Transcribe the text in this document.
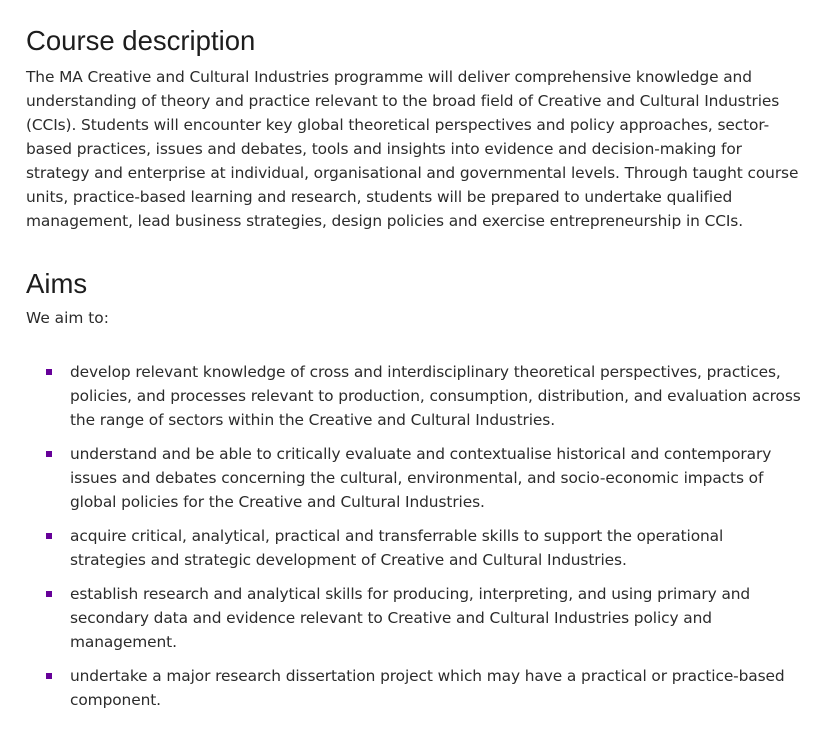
Course description

The MA Creative and Cultural Industries programme will deliver comprehensive knowledge and understanding of theory and practice relevant to the broad field of Creative and Cultural Industries (CCIs). Students will encounter key global theoretical perspectives and policy approaches, sector-based practices, issues and debates, tools and insights into evidence and decision-making for strategy and enterprise at individual, organisational and governmental levels. Through taught course units, practice-based learning and research, students will be prepared to undertake qualified management, lead business strategies, design policies and exercise entrepreneurship in CCIs.

Aims

We aim to:

develop relevant knowledge of cross and interdisciplinary theoretical perspectives, practices, policies, and processes relevant to production, consumption, distribution, and evaluation across the range of sectors within the Creative and Cultural Industries.
understand and be able to critically evaluate and contextualise historical and contemporary issues and debates concerning the cultural, environmental, and socio-economic impacts of global policies for the Creative and Cultural Industries.
acquire critical, analytical, practical and transferrable skills to support the operational strategies and strategic development of Creative and Cultural Industries.
establish research and analytical skills for producing, interpreting, and using primary and secondary data and evidence relevant to Creative and Cultural Industries policy and management.
undertake a major research dissertation project which may have a practical or practice-based component.
